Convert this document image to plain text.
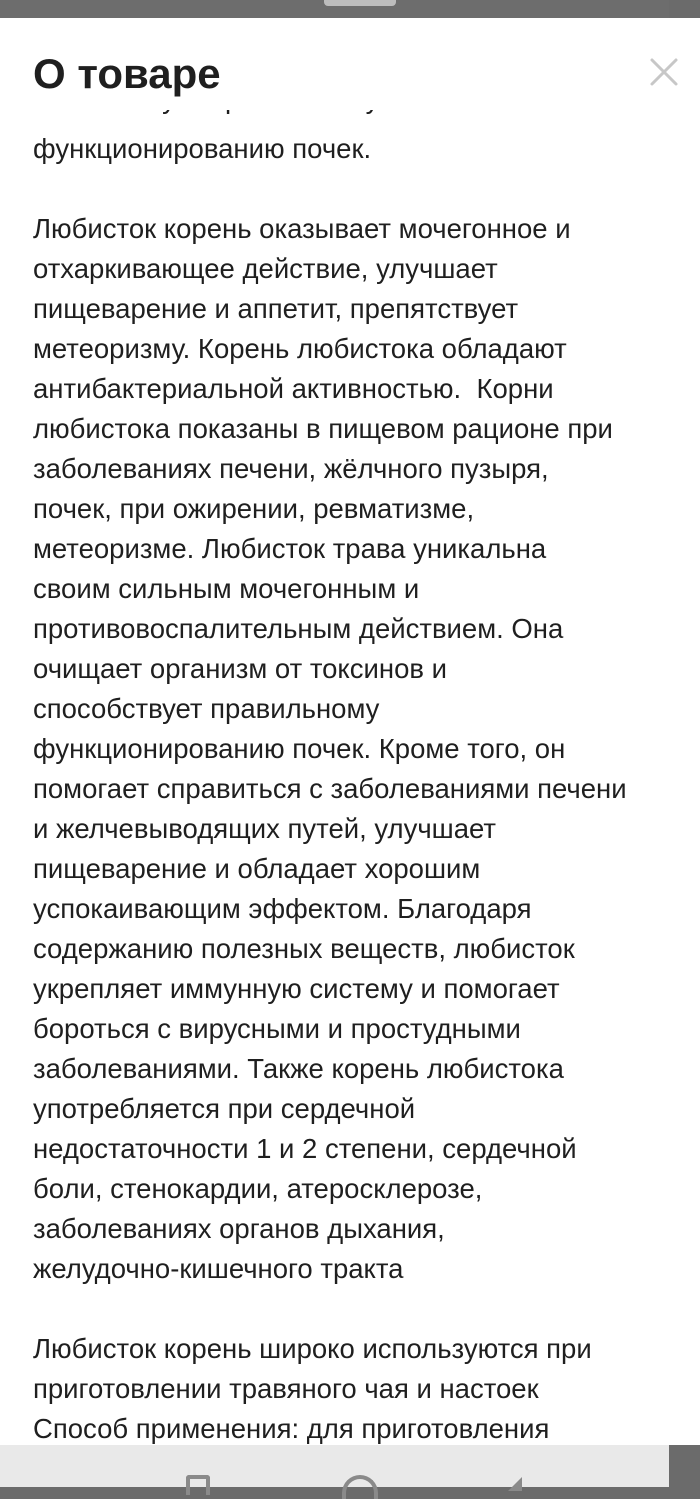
функционированию почек.
Любисток корень оказывает мочегонное и
отхаркивающее действие, улучшает
пищеварение и аппетит, препятствует
метеоризму. Корень любистока обладают
антибактериальной активностью.  Корни
любистока показаны в пищевом рационе при
заболеваниях печени, жёлчного пузыря,
почек, при ожирении, ревматизме,
метеоризме. Любисток трава уникальна
своим сильным мочегонным и
противовоспалительным действием. Она
очищает организм от токсинов и
способствует правильному
функционированию почек. Кроме того, он
помогает справиться с заболеваниями печени
и желчевыводящих путей, улучшает
пищеварение и обладает хорошим
успокаивающим эффектом. Благодаря
содержанию полезных веществ, любисток
укрепляет иммунную систему и помогает
бороться с вирусными и простудными
заболеваниями. Также корень любистока
употребляется при сердечной
недостаточности 1 и 2 степени, сердечной
боли, стенокардии, атеросклерозе,
заболеваниях органов дыхания,
желудочно-кишечного тракта
Любисток корень широко используются при
приготовлении травяного чая и настоек
Способ применения: для приготовления
О товаре
